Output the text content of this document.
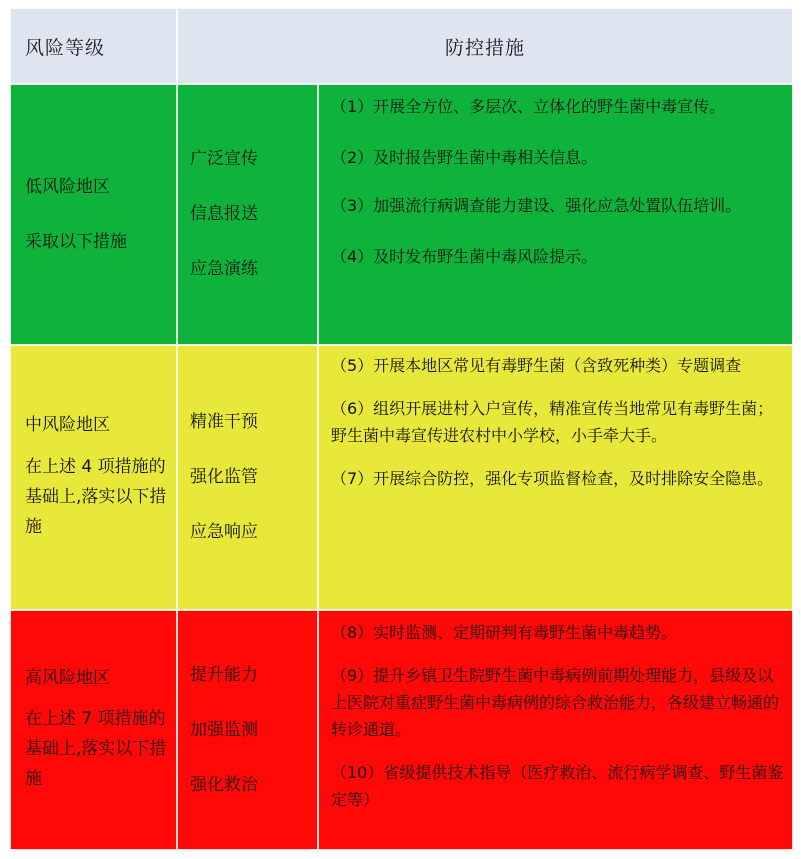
风险等级	防控措施

低风险地区

采取以下措施

广泛宣传

信息报送

应急演练

（1）开展全方位、多层次、立体化的野生菌中毒宣传。

（2）及时报告野生菌中毒相关信息。

（3）加强流行病调查能力建设、强化应急处置队伍培训。

（4）及时发布野生菌中毒风险提示。

中风险地区

在上述 4 项措施的基础上,落实以下措施

精准干预

强化监管

应急响应

（5）开展本地区常见有毒野生菌（含致死种类）专题调查

（6）组织开展进村入户宣传，精准宣传当地常见有毒野生菌；野生菌中毒宣传进农村中小学校，小手牵大手。

（7）开展综合防控，强化专项监督检查，及时排除安全隐患。

高风险地区

在上述 7 项措施的基础上,落实以下措施

提升能力

加强监测

强化救治

（8）实时监测、定期研判有毒野生菌中毒趋势。

（9）提升乡镇卫生院野生菌中毒病例前期处理能力，县级及以上医院对重症野生菌中毒病例的综合救治能力，各级建立畅通的转诊通道。

（10）省级提供技术指导（医疗救治、流行病学调查、野生菌鉴定等）
